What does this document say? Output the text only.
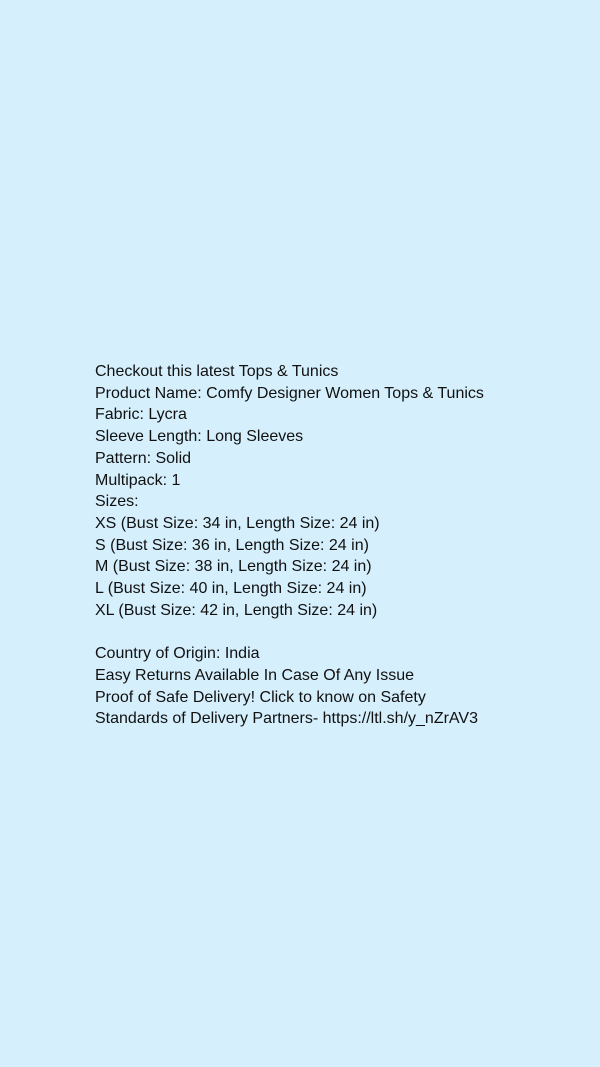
Checkout this latest Tops & Tunics
Product Name: Comfy Designer Women Tops & Tunics
Fabric: Lycra
Sleeve Length: Long Sleeves
Pattern: Solid
Multipack: 1
Sizes:
XS (Bust Size: 34 in, Length Size: 24 in)
S (Bust Size: 36 in, Length Size: 24 in)
M (Bust Size: 38 in, Length Size: 24 in)
L (Bust Size: 40 in, Length Size: 24 in)
XL (Bust Size: 42 in, Length Size: 24 in)
Country of Origin: India
Easy Returns Available In Case Of Any Issue
Proof of Safe Delivery! Click to know on Safety
Standards of Delivery Partners- https://ltl.sh/y_nZrAV3
